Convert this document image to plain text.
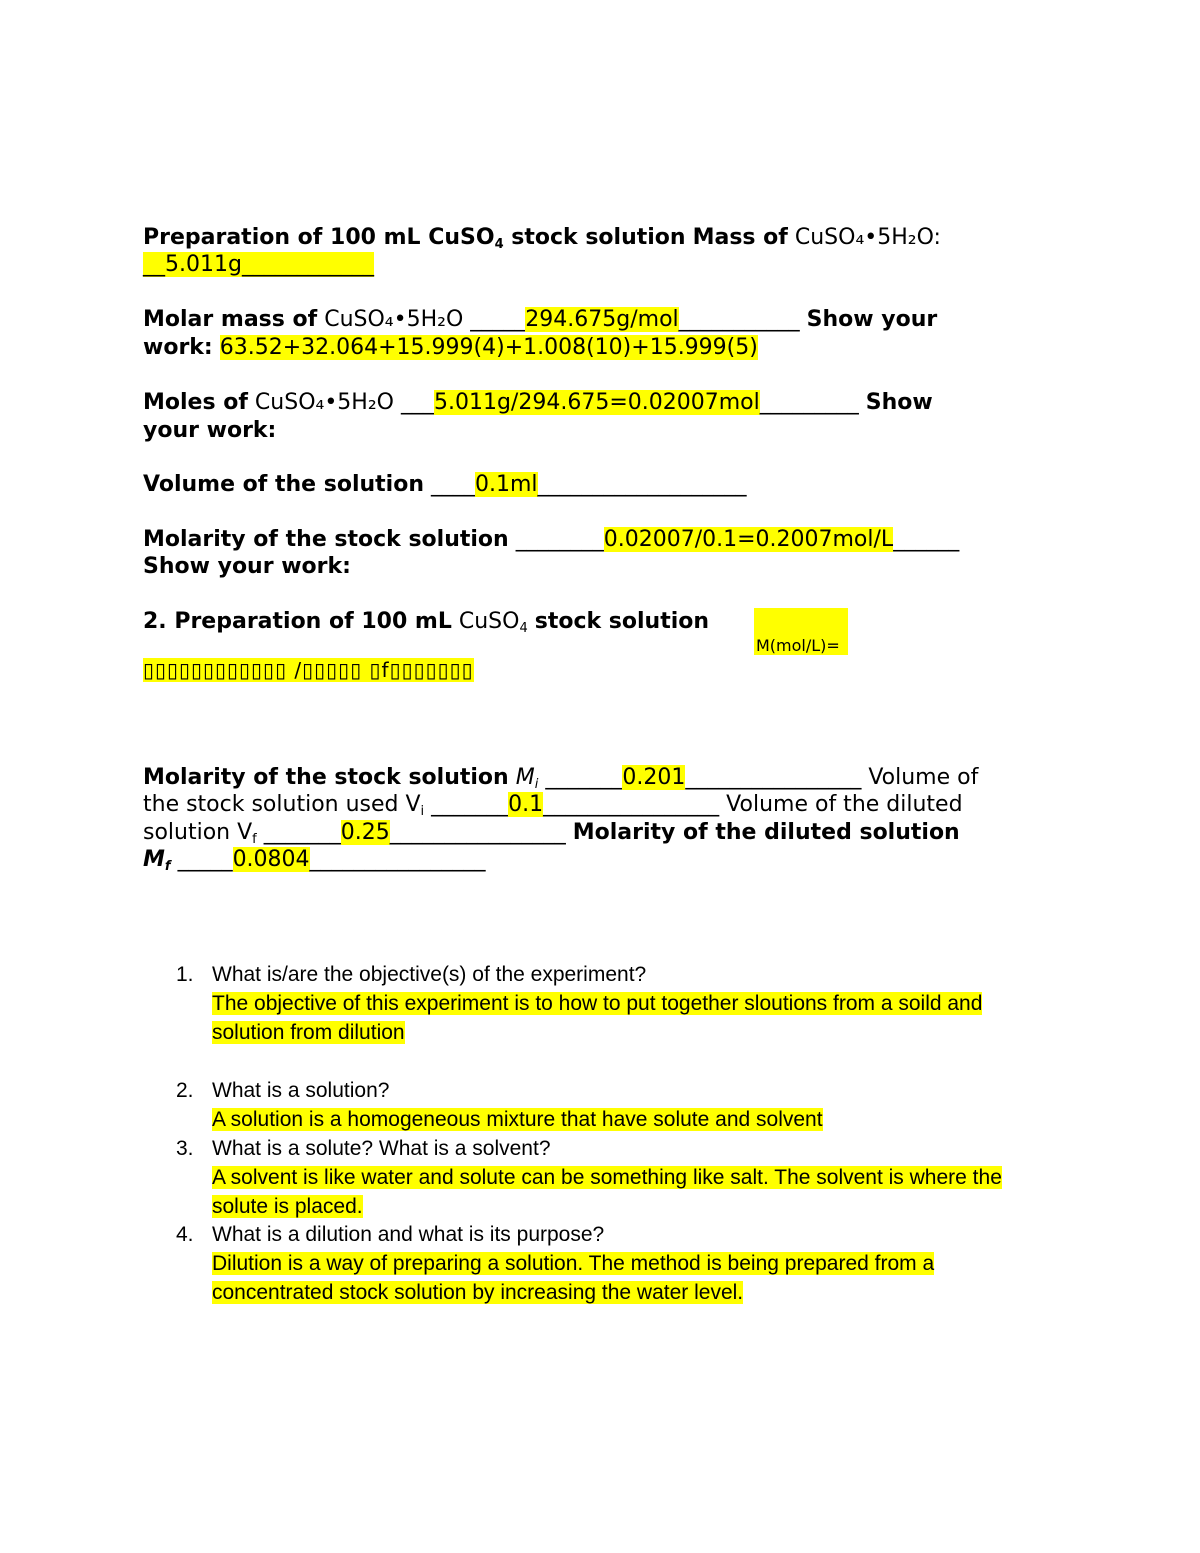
Preparation of 100 mL CuSO$_4$ stock solution Mass of CuSO₄•5H₂O:
__5.011g____________
Molar mass of CuSO₄•5H₂O _____294.675g/mol___________ Show your
work: 63.52+32.064+15.999(4)+1.008(10)+15.999(5)
Moles of CuSO₄•5H₂O ___5.011g/294.675=0.02007mol_________ Show
your work:
Volume of the solution ____0.1ml___________________
Molarity of the stock solution ________0.02007/0.1=0.2007mol/L______
Show your work:
2. Preparation of 100 mL CuSO$_4$ stock solution
M(mol/L)=
▯▯▯▯▯▯▯▯▯▯▯▯ /▯▯▯▯▯ ▯f▯▯▯▯▯▯▯
Molarity of the stock solution $M_i$ _______0.201________________ Volume of
the stock solution used $V_i$ _______0.1________________ Volume of the diluted
solution $V_f$ _______0.25________________ Molarity of the diluted solution
$M_f$ _____0.0804________________
1. What is/are the objective(s) of the experiment?
The objective of this experiment is to how to put together sloutions from a soild and
solution from dilution
2. What is a solution?
A solution is a homogeneous mixture that have solute and solvent
3. What is a solute? What is a solvent?
A solvent is like water and solute can be something like salt. The solvent is where the
solute is placed.
4. What is a dilution and what is its purpose?
Dilution is a way of preparing a solution. The method is being prepared from a
concentrated stock solution by increasing the water level.
